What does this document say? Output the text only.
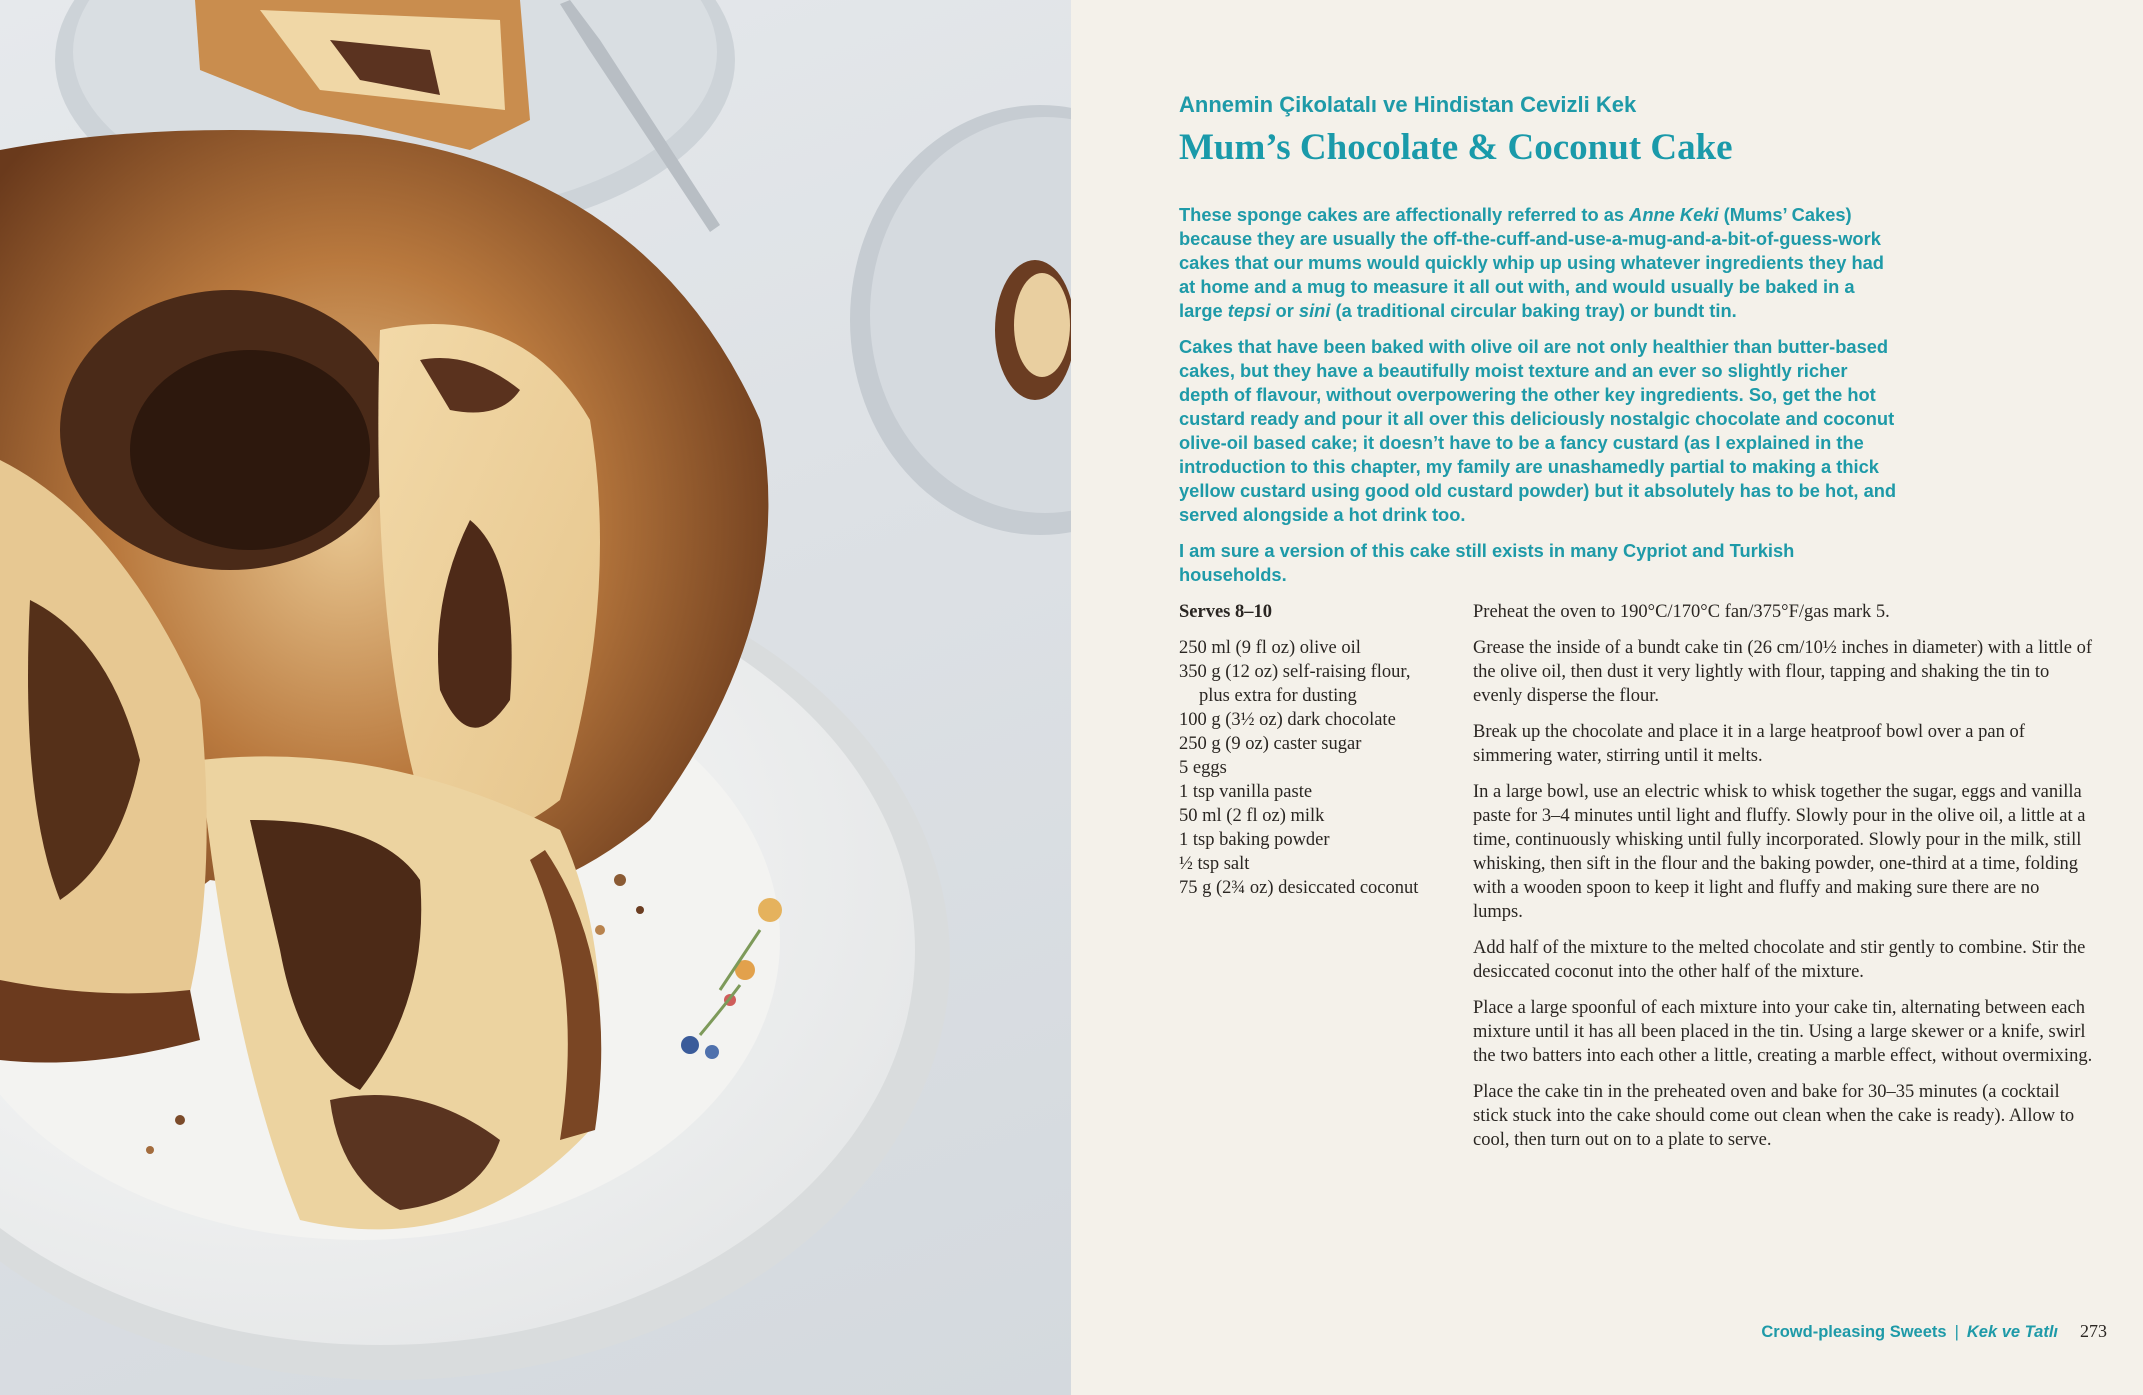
Annemin Çikolatalı ve Hindistan Cevizli Kek
Mum’s Chocolate & Coconut Cake

These sponge cakes are affectionally referred to as Anne Keki (Mums’ Cakes) because they are usually the off-the-cuff-and-use-a-mug-and-a-bit-of-guess-work cakes that our mums would quickly whip up using whatever ingredients they had at home and a mug to measure it all out with, and would usually be baked in a large tepsi or sini (a traditional circular baking tray) or bundt tin.

Cakes that have been baked with olive oil are not only healthier than butter-based cakes, but they have a beautifully moist texture and an ever so slightly richer depth of flavour, without overpowering the other key ingredients. So, get the hot custard ready and pour it all over this deliciously nostalgic chocolate and coconut olive-oil based cake; it doesn’t have to be a fancy custard (as I explained in the introduction to this chapter, my family are unashamedly partial to making a thick yellow custard using good old custard powder) but it absolutely has to be hot, and served alongside a hot drink too.

I am sure a version of this cake still exists in many Cypriot and Turkish households.

Serves 8–10
250 ml (9 fl oz) olive oil
350 g (12 oz) self-raising flour,
plus extra for dusting
100 g (3½ oz) dark chocolate
250 g (9 oz) caster sugar
5 eggs
1 tsp vanilla paste
50 ml (2 fl oz) milk
1 tsp baking powder
½ tsp salt
75 g (2¾ oz) desiccated coconut

Preheat the oven to 190°C/170°C fan/375°F/gas mark 5.

Grease the inside of a bundt cake tin (26 cm/10½ inches in diameter) with a little of the olive oil, then dust it very lightly with flour, tapping and shaking the tin to evenly disperse the flour.

Break up the chocolate and place it in a large heatproof bowl over a pan of simmering water, stirring until it melts.

In a large bowl, use an electric whisk to whisk together the sugar, eggs and vanilla paste for 3–4 minutes until light and fluffy. Slowly pour in the olive oil, a little at a time, continuously whisking until fully incorporated. Slowly pour in the milk, still whisking, then sift in the flour and the baking powder, one-third at a time, folding with a wooden spoon to keep it light and fluffy and making sure there are no lumps.

Add half of the mixture to the melted chocolate and stir gently to combine. Stir the desiccated coconut into the other half of the mixture.

Place a large spoonful of each mixture into your cake tin, alternating between each mixture until it has all been placed in the tin. Using a large skewer or a knife, swirl the two batters into each other a little, creating a marble effect, without overmixing.

Place the cake tin in the preheated oven and bake for 30–35 minutes (a cocktail stick stuck into the cake should come out clean when the cake is ready). Allow to cool, then turn out on to a plate to serve.

Crowd-pleasing Sweets | Kek ve Tatlı 273
